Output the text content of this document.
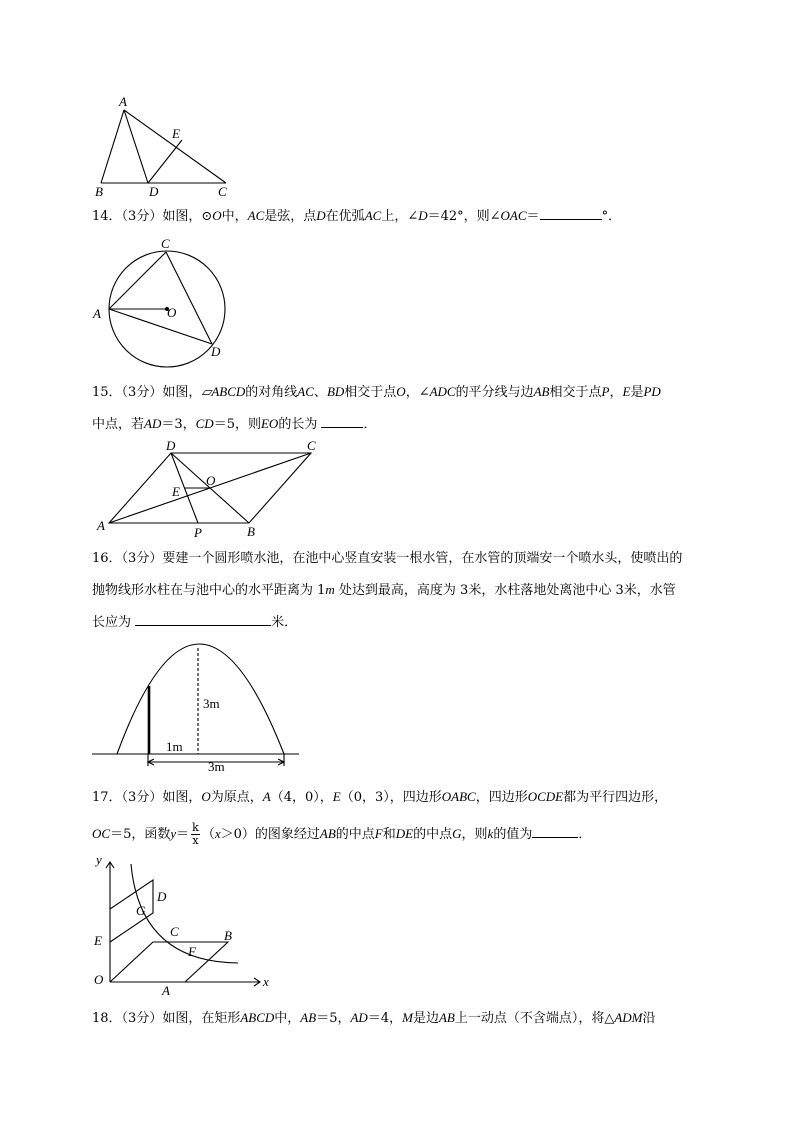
A
B	D	C
E
14．（3分）如图，⊙O中，AC是弦，点D在优弧AC上，∠D＝42°，则∠OAC＝	°．
A
C
O
D
15．（3分）如图，▱ABCD的对角线AC、BD相交于点O，∠ADC的平分线与边AB相交于点P，E是PD
中点，若AD＝3，CD＝5，则EO的长为	．
A
D	C
B
P
E
O
16．（3分）要建一个圆形喷水池，在池中心竖直安装一根水管，在水管的顶端安一个喷水头，使喷出的
抛物线形水柱在与池中心的水平距离为 1m 处达到最高，高度为 3米，水柱落地处离池中心 3米，水管
长应为	米．
3m
1m
3m
17．（3分）如图，O为原点，A（4，0），E（0，3），四边形OABC，四边形OCDE都为平行四边形，
OC＝5，函数$y= \frac{k}{x} (x>0)$的图象经过AB的中点F和DE的中点G，则k的值为	．
y
x
O
E
D
G
C	B
F
A
18．（3分）如图，在矩形ABCD中，AB＝5，AD＝4，M是边AB上一动点（不含端点），将△ADM沿
